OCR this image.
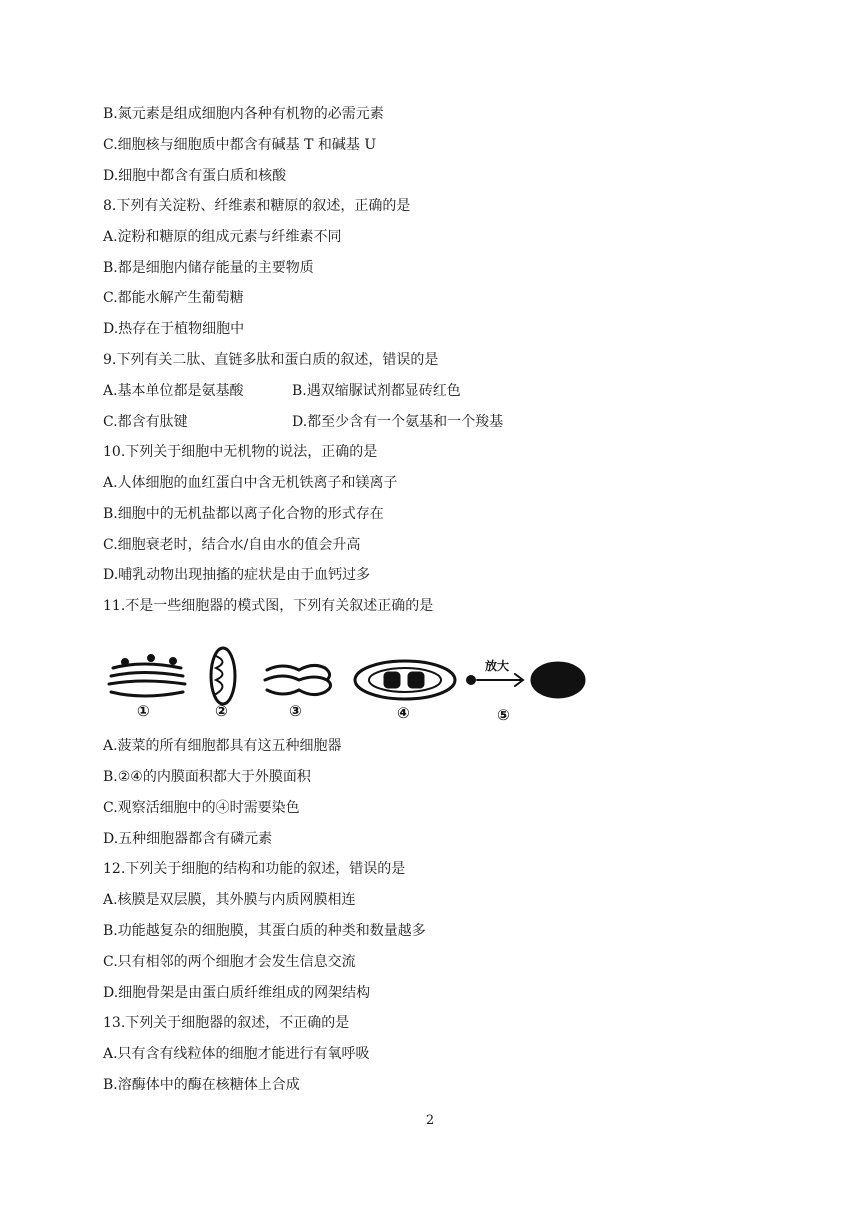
B.氮元素是组成细胞内各种有机物的必需元素
C.细胞核与细胞质中都含有碱基 T 和碱基 U
D.细胞中都含有蛋白质和核酸
8.下列有关淀粉、纤维素和糖原的叙述，正确的是
A.淀粉和糖原的组成元素与纤维素不同
B.都是细胞内储存能量的主要物质
C.都能水解产生葡萄糖
D.热存在于植物细胞中
9.下列有关二肽、直链多肽和蛋白质的叙述，错误的是
A.基本单位都是氨基酸	B.遇双缩脲试剂都显砖红色
C.都含有肽键	D.都至少含有一个氨基和一个羧基
10.下列关于细胞中无机物的说法，正确的是
A.人体细胞的血红蛋白中含无机铁离子和镁离子
B.细胞中的无机盐都以离子化合物的形式存在
C.细胞衰老时，结合水/自由水的值会升高
D.哺乳动物出现抽搐的症状是由于血钙过多
11.不是一些细胞器的模式图，下列有关叙述正确的是
放大
①	②	③	④	⑤
A.菠菜的所有细胞都具有这五种细胞器
B.②④的内膜面积都大于外膜面积
C.观察活细胞中的④时需要染色
D.五种细胞器都含有磷元素
12.下列关于细胞的结构和功能的叙述，错误的是
A.核膜是双层膜，其外膜与内质网膜相连
B.功能越复杂的细胞膜，其蛋白质的种类和数量越多
C.只有相邻的两个细胞才会发生信息交流
D.细胞骨架是由蛋白质纤维组成的网架结构
13.下列关于细胞器的叙述，不正确的是
A.只有含有线粒体的细胞才能进行有氧呼吸
B.溶酶体中的酶在核糖体上合成
2
